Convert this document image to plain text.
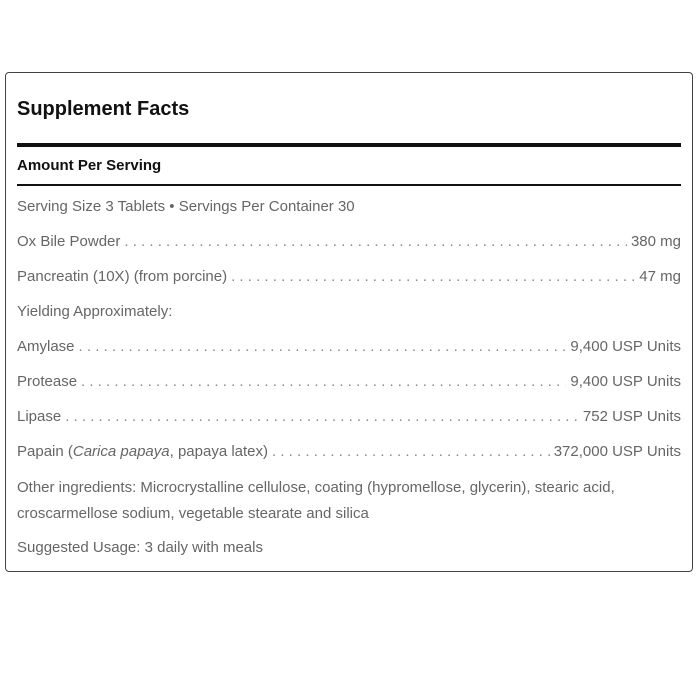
Supplement Facts
Amount Per Serving
Serving Size 3 Tablets • Servings Per Container 30
Ox Bile Powder . . .	380 mg
Pancreatin (10X) (from porcine) . . .	47 mg
Yielding Approximately:
Amylase . . .	9,400 USP Units
Protease . . .	9,400 USP Units
Lipase . . .	752 USP Units
Papain (Carica papaya, papaya latex) . . .	372,000 USP Units
Other ingredients: Microcrystalline cellulose, coating (hypromellose, glycerin), stearic acid, croscarmellose sodium, vegetable stearate and silica
Suggested Usage: 3 daily with meals
